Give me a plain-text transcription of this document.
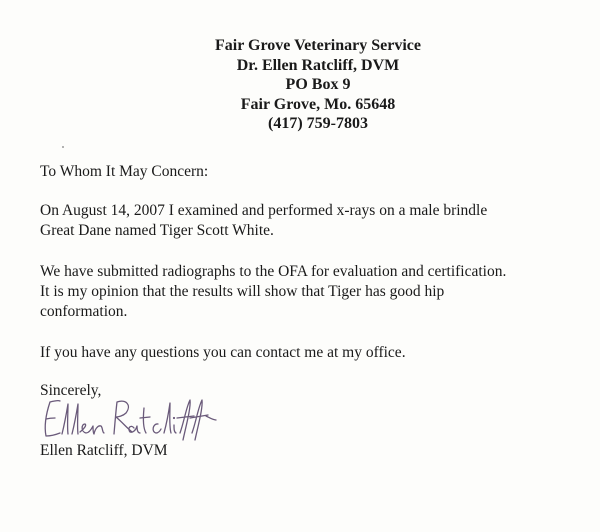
Fair Grove Veterinary Service
Dr. Ellen Ratcliff, DVM
PO Box 9
Fair Grove, Mo. 65648
(417) 759-7803
To Whom It May Concern:
On August 14, 2007 I examined and performed x-rays on a male brindle
Great Dane named Tiger Scott White.
We have submitted radiographs to the OFA for evaluation and certification.
It is my opinion that the results will show that Tiger has good hip
conformation.
If you have any questions you can contact me at my office.
Sincerely,
Ellen Ratcliff, DVM
